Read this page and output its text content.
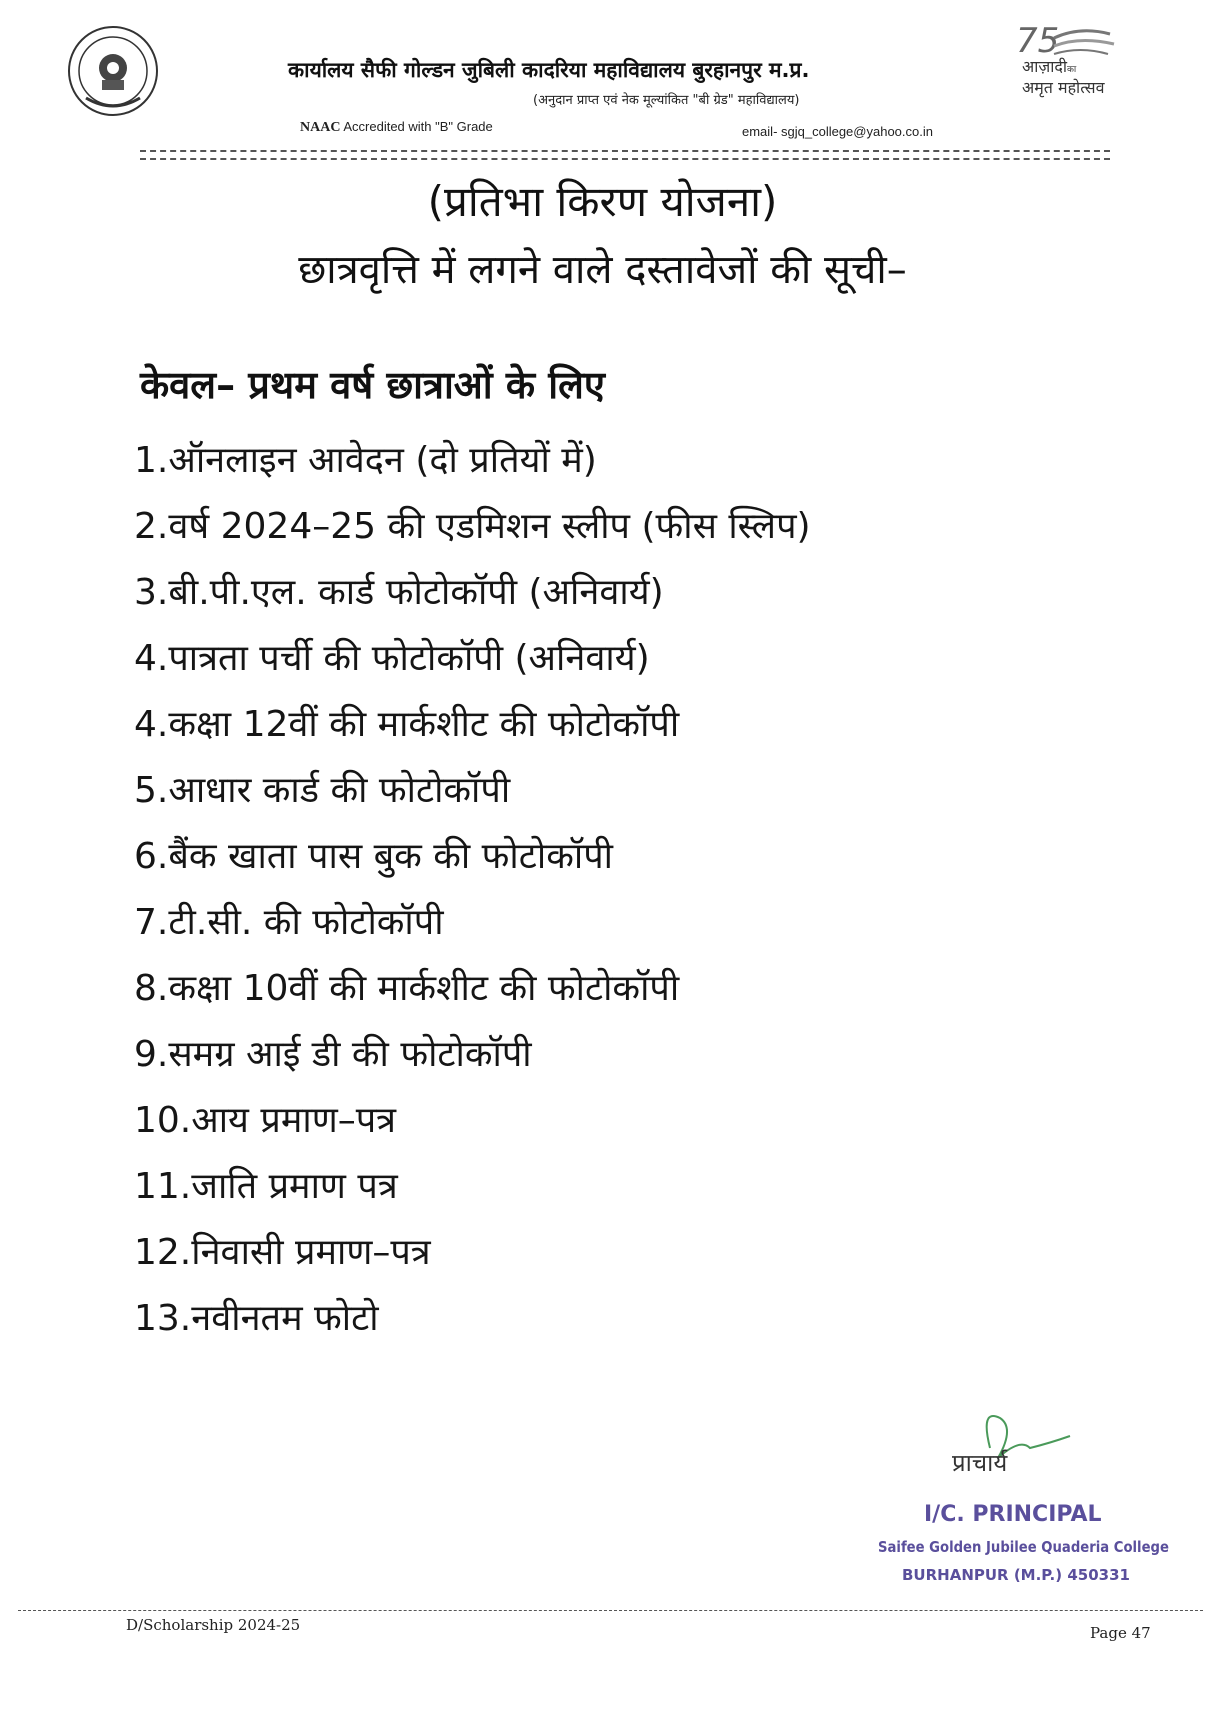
75
आज़ादीका
अमृत महोत्सव
कार्यालय सैफी गोल्डन जुबिली कादरिया महाविद्यालय बुरहानपुर म.प्र.
(अनुदान प्राप्त एवं नेक मूल्यांकित "बी ग्रेड" महाविद्यालय)
NAAC Accredited with "B" Grade	email- sgjq_college@yahoo.co.in
(प्रतिभा किरण योजना)
छात्रवृत्ति में लगने वाले दस्तावेजों की सूची–
केवल– प्रथम वर्ष छात्राओं के लिए
1.ऑनलाइन आवेदन (दो प्रतियों में)
2.वर्ष 2024–25 की एडमिशन स्लीप (फीस स्लिप)
3.बी.पी.एल. कार्ड फोटोकॉपी (अनिवार्य)
4.पात्रता पर्ची की फोटोकॉपी (अनिवार्य)
4.कक्षा 12वीं की मार्कशीट की फोटोकॉपी
5.आधार कार्ड की फोटोकॉपी
6.बैंक खाता पास बुक की फोटोकॉपी
7.टी.सी. की फोटोकॉपी
8.कक्षा 10वीं की मार्कशीट की फोटोकॉपी
9.समग्र आई डी की फोटोकॉपी
10.आय प्रमाण–पत्र
11.जाति प्रमाण पत्र
12.निवासी प्रमाण–पत्र
13.नवीनतम फोटो
प्राचार्य
I/C. PRINCIPAL
Saifee Golden Jubilee Quaderia College
BURHANPUR (M.P.) 450331
D/Scholarship 2024-25	Page 47
